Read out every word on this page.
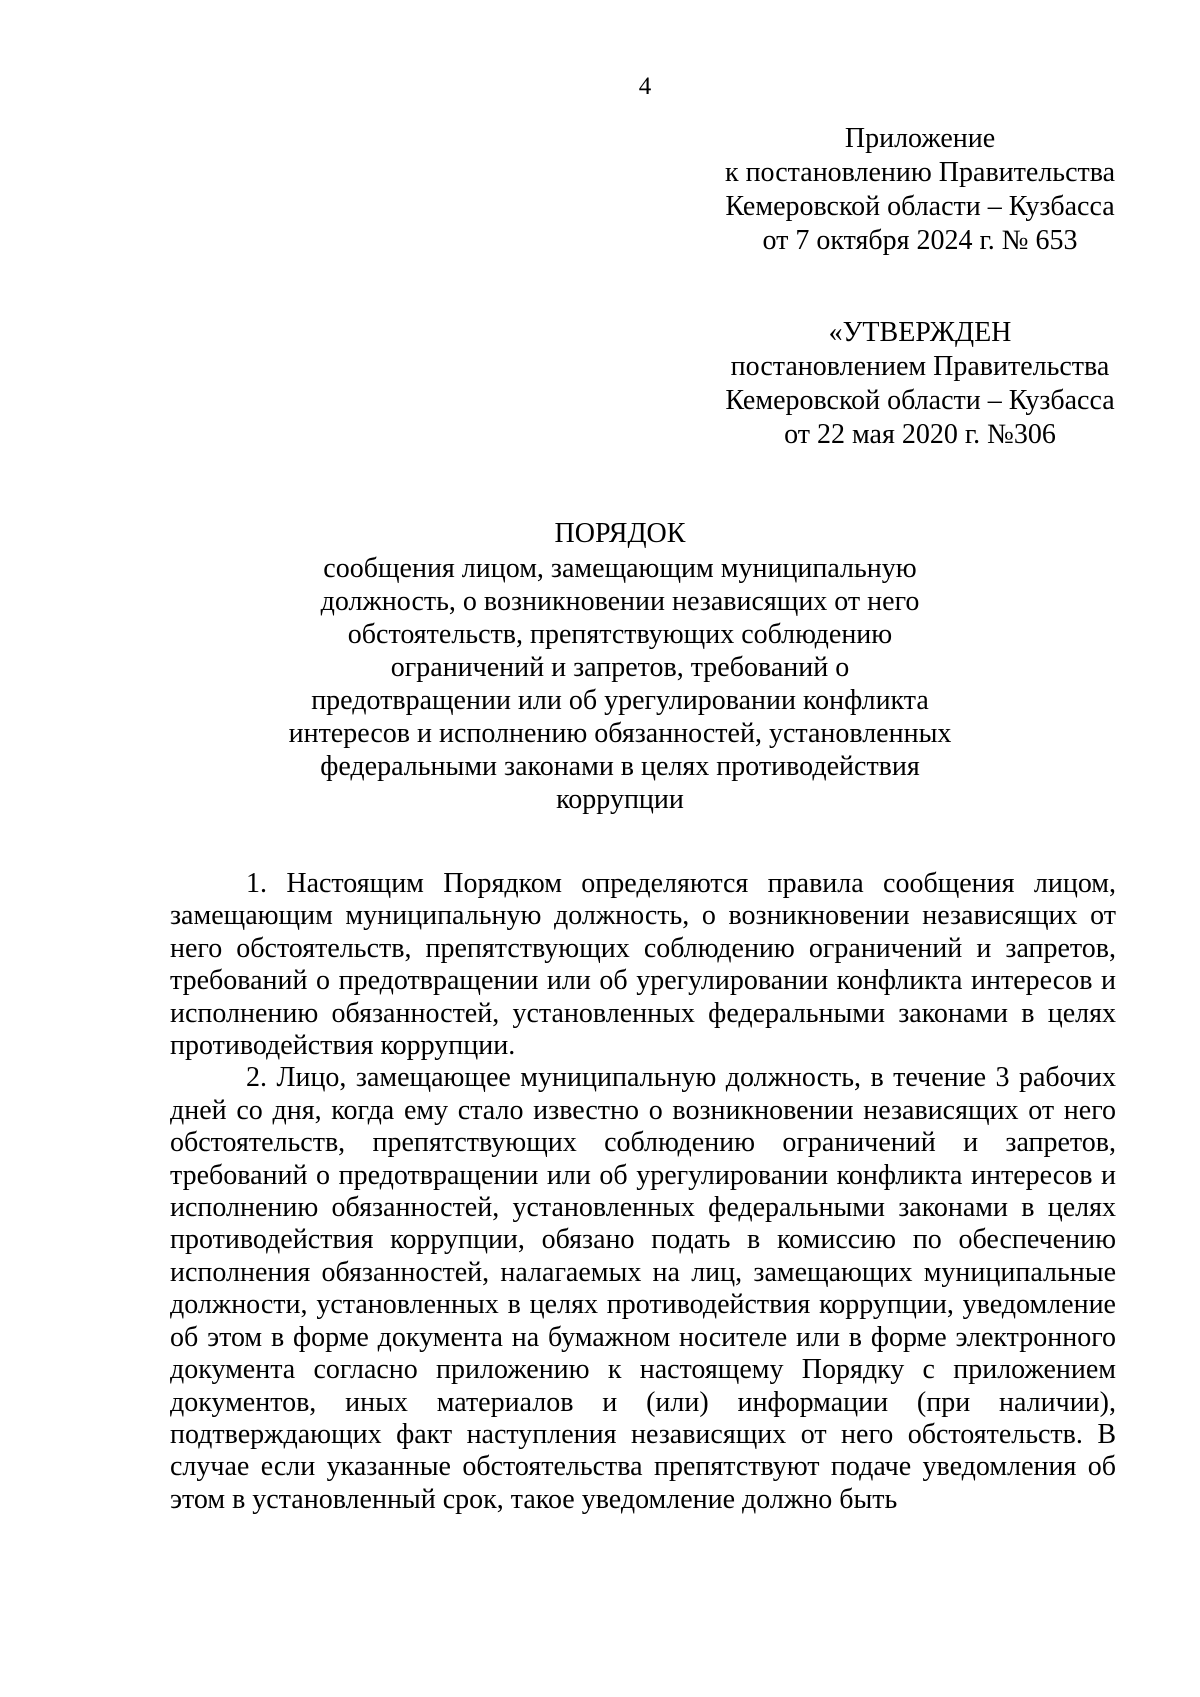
4
Приложение
к постановлению Правительства
Кемеровской области – Кузбасса
от 7 октября 2024 г. № 653
«УТВЕРЖДЕН
постановлением Правительства
Кемеровской области – Кузбасса
от 22 мая 2020 г. №306
ПОРЯДОК
сообщения лицом, замещающим муниципальную
должность, о возникновении независящих от него
обстоятельств, препятствующих соблюдению
ограничений и запретов, требований о
предотвращении или об урегулировании конфликта
интересов и исполнению обязанностей, установленных
федеральными законами в целях противодействия
коррупции

1. Настоящим Порядком определяются правила сообщения лицом, замещающим муниципальную должность, о возникновении независящих от него обстоятельств, препятствующих соблюдению ограничений и запретов, требований о предотвращении или об урегулировании конфликта интересов и исполнению обязанностей, установленных федеральными законами в целях противодействия коррупции.

2. Лицо, замещающее муниципальную должность, в течение 3 рабочих дней со дня, когда ему стало известно о возникновении независящих от него обстоятельств, препятствующих соблюдению ограничений и запретов, требований о предотвращении или об урегулировании конфликта интересов и исполнению обязанностей, установленных федеральными законами в целях противодействия коррупции, обязано подать в комиссию по обеспечению исполнения обязанностей, налагаемых на лиц, замещающих муниципальные должности, установленных в целях противодействия коррупции, уведомление об этом в форме документа на бумажном носителе или в форме электронного документа согласно приложению к настоящему Порядку с приложением документов, иных материалов и (или) информации (при наличии), подтверждающих факт наступления независящих от него обстоятельств. В случае если указанные обстоятельства препятствуют подаче уведомления об этом в установленный срок, такое уведомление должно быть
